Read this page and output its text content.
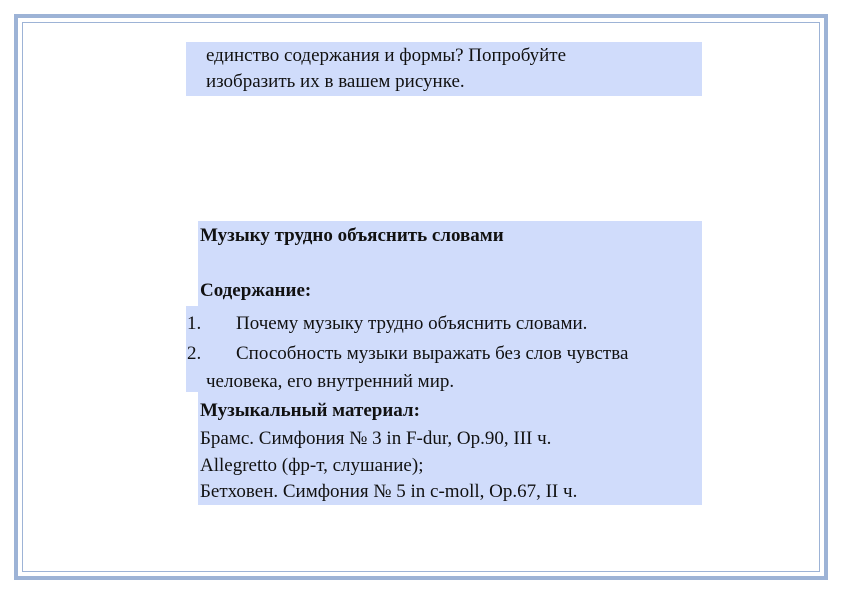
единство содержания и формы? Попробуйте
изобразить их в вашем рисунке.
Музыку трудно объяснить словами
Содержание:
1. Почему музыку трудно объяснить словами.
2. Способность музыки выражать без слов чувства
человека, его внутренний мир.
Музыкальный материал:
Брамс. Симфония № 3 in F-dur, Op.90, III ч.
Allegretto (фр-т, слушание);
Бетховен. Симфония № 5 in c-moll, Op.67, II ч.
